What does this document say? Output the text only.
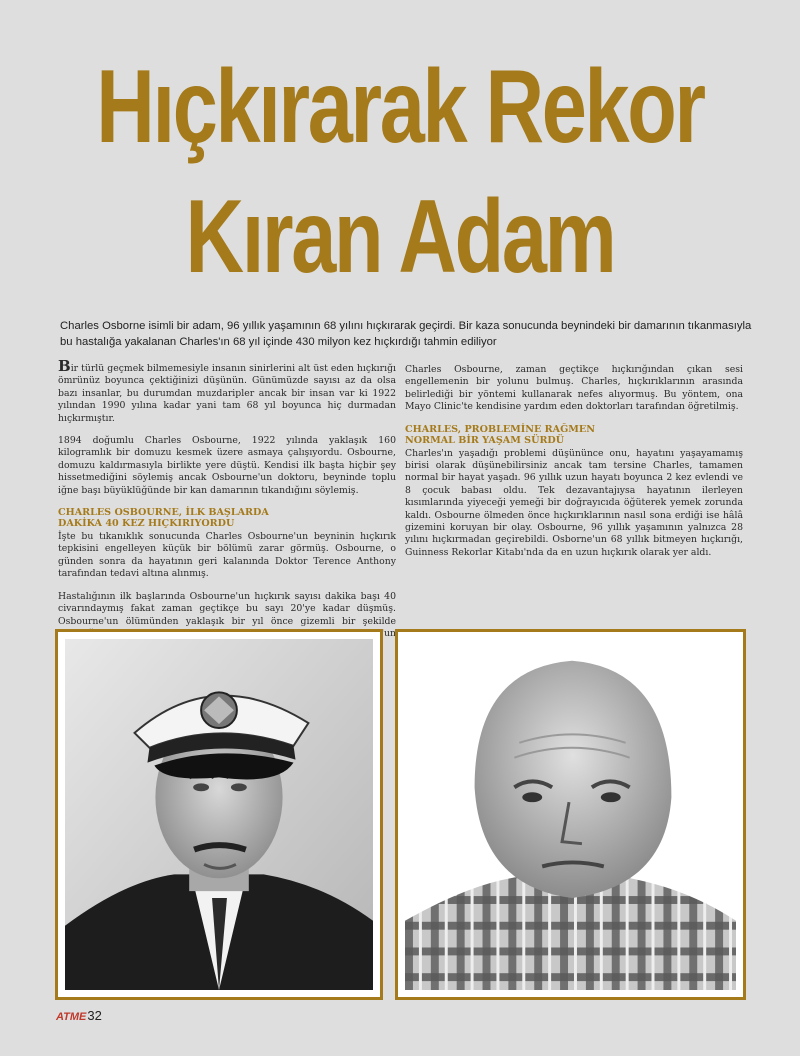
Hıçkırarak Rekor
Kıran Adam
Charles Osborne isimli bir adam, 96 yıllık yaşamının 68 yılını hıçkırarak geçirdi. Bir kaza sonucunda beynindeki bir damarının tıkanmasıyla bu hastalığa yakalanan Charles'ın 68 yıl içinde 430 milyon kez hıçkırdığı tahmin ediliyor

Bir türlü geçmek bilmemesiyle insanın sinirlerini alt üst eden hıçkırığı ömrünüz boyunca çektiğinizi düşünün. Günümüzde sayısı az da olsa bazı insanlar, bu durumdan muzdaripler ancak bir insan var ki 1922 yılından 1990 yılına kadar yani tam 68 yıl boyunca hiç durmadan hıçkırmıştır.

1894 doğumlu Charles Osbourne, 1922 yılında yaklaşık 160 kilogramlık bir domuzu kesmek üzere asmaya çalışıyordu. Osbourne, domuzu kaldırmasıyla birlikte yere düştü. Kendisi ilk başta hiçbir şey hissetmediğini söylemiş ancak Osbourne'un doktoru, beyninde toplu iğne başı büyüklüğünde bir kan damarının tıkandığını söylemiş.

CHARLES OSBOURNE, İLK BAŞLARDA
DAKİKA 40 KEZ HIÇKIRIYORDU

İşte bu tıkanıklık sonucunda Charles Osbourne'un beyninin hıçkırık tepkisini engelleyen küçük bir bölümü zarar görmüş. Osbourne, o günden sonra da hayatının geri kalanında Doktor Terence Anthony tarafından tedavi altına alınmış.

Hastalığının ilk başlarında Osbourne'un hıçkırık sayısı dakika başı 40 civarındaymış fakat zaman geçtikçe bu sayı 20'ye kadar düşmüş. Osbourne'un ölümünden yaklaşık bir yıl önce gizemli bir şekilde

Charles Osbourne, zaman geçtikçe hıçkırığından çıkan sesi engellemenin bir yolunu bulmuş. Charles, hıçkırıklarının arasında belirlediği bir yöntemi kullanarak nefes alıyormuş. Bu yöntem, ona Mayo Clinic'te kendisine yardım eden doktorları tarafından öğretilmiş.

CHARLES, PROBLEMİNE RAĞMEN
NORMAL BİR YAŞAM SÜRDÜ

Charles'ın yaşadığı problemi düşününce onu, hayatını yaşayamamış birisi olarak düşünebilirsiniz ancak tam tersine Charles, tamamen normal bir hayat yaşadı. 96 yıllık uzun hayatı boyunca 2 kez evlendi ve 8 çocuk babası oldu. Tek dezavantajıysa hayatının ilerleyen kısımlarında yiyeceği yemeği bir doğrayıcıda öğüterek yemek zorunda kaldı. Osbourne ölmeden önce hıçkırıklarının nasıl sona erdiği ise hâlâ gizemini koruyan bir olay. Osbourne, 96 yıllık yaşamının yalnızca 28 yılını hıçkırmadan geçirebildi. Osborne'un 68 yıllık bitmeyen hıçkırığı, Guinness Rekorlar Kitabı'nda da en uzun hıçkırık olarak yer aldı.

ATME 32
